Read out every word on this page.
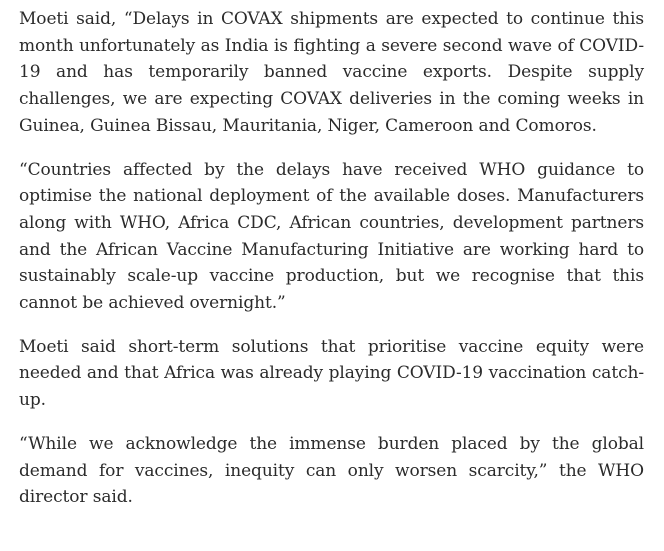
Moeti said, “Delays in COVAX shipments are expected to continue this month unfortunately as India is fighting a severe second wave of COVID-19 and has temporarily banned vaccine exports. Despite supply challenges, we are expecting COVAX deliveries in the coming weeks in Guinea, Guinea Bissau, Mauritania, Niger, Cameroon and Comoros.

“Countries affected by the delays have received WHO guidance to optimise the national deployment of the available doses. Manufacturers along with WHO, Africa CDC, African countries, development partners and the African Vaccine Manufacturing Initiative are working hard to sustainably scale-up vaccine production, but we recognise that this cannot be achieved overnight.”

Moeti said short-term solutions that prioritise vaccine equity were needed and that Africa was already playing COVID-19 vaccination catch-up.

“While we acknowledge the immense burden placed by the global demand for vaccines, inequity can only worsen scarcity,” the WHO director said.
